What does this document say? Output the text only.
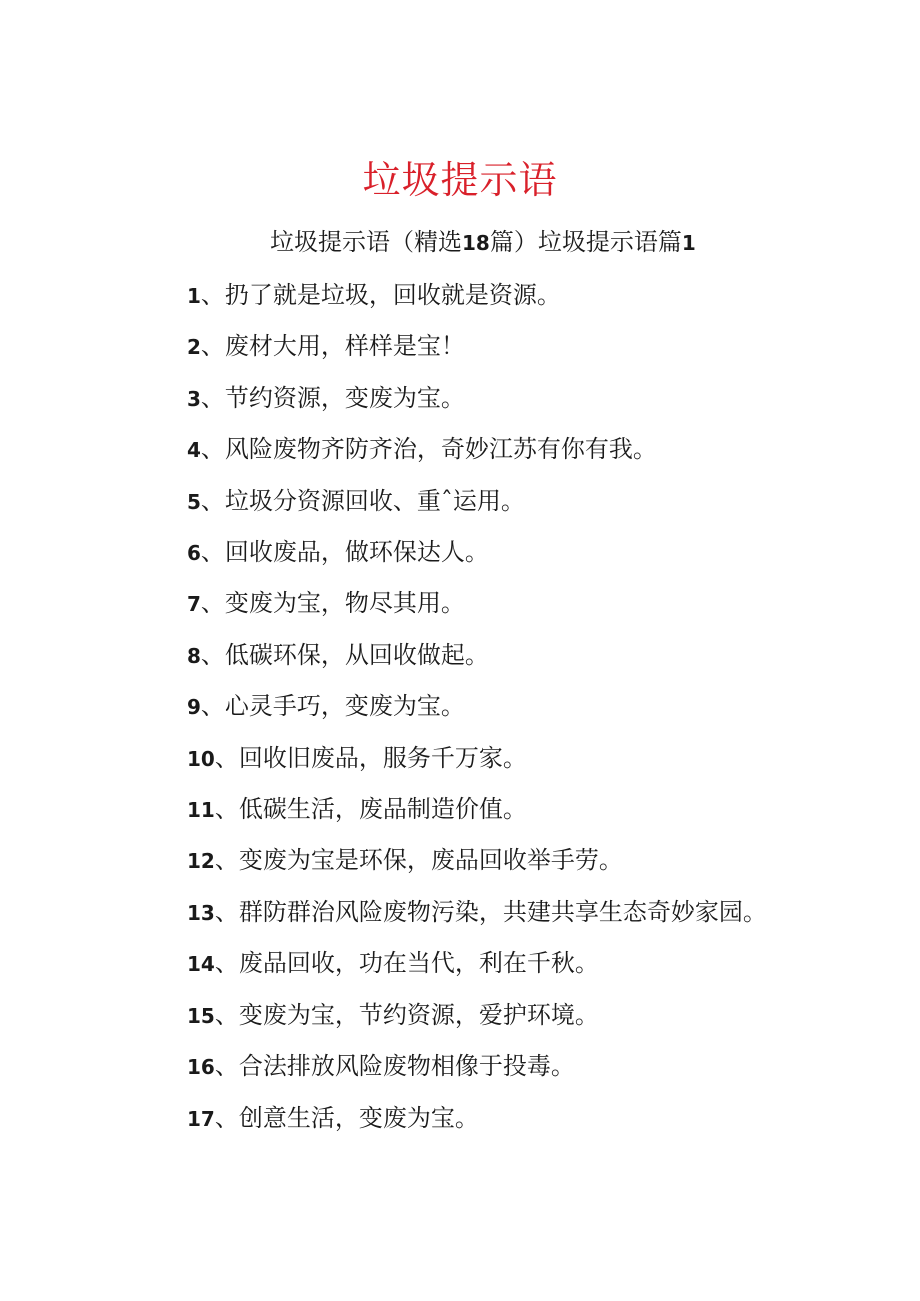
垃圾提示语
垃圾提示语（精选18篇）垃圾提示语篇1
1、扔了就是垃圾，回收就是资源。
2、废材大用，样样是宝！
3、节约资源，变废为宝。
4、风险废物齐防齐治，奇妙江苏有你有我。
5、垃圾分资源回收、重ˆ运用。
6、回收废品，做环保达人。
7、变废为宝，物尽其用。
8、低碳环保，从回收做起。
9、心灵手巧，变废为宝。
10、回收旧废品，服务千万家。
11、低碳生活，废品制造价值。
12、变废为宝是环保，废品回收举手劳。
13、群防群治风险废物污染，共建共享生态奇妙家园。
14、废品回收，功在当代，利在千秋。
15、变废为宝，节约资源，爱护环境。
16、合法排放风险废物相像于投毒。
17、创意生活，变废为宝。
